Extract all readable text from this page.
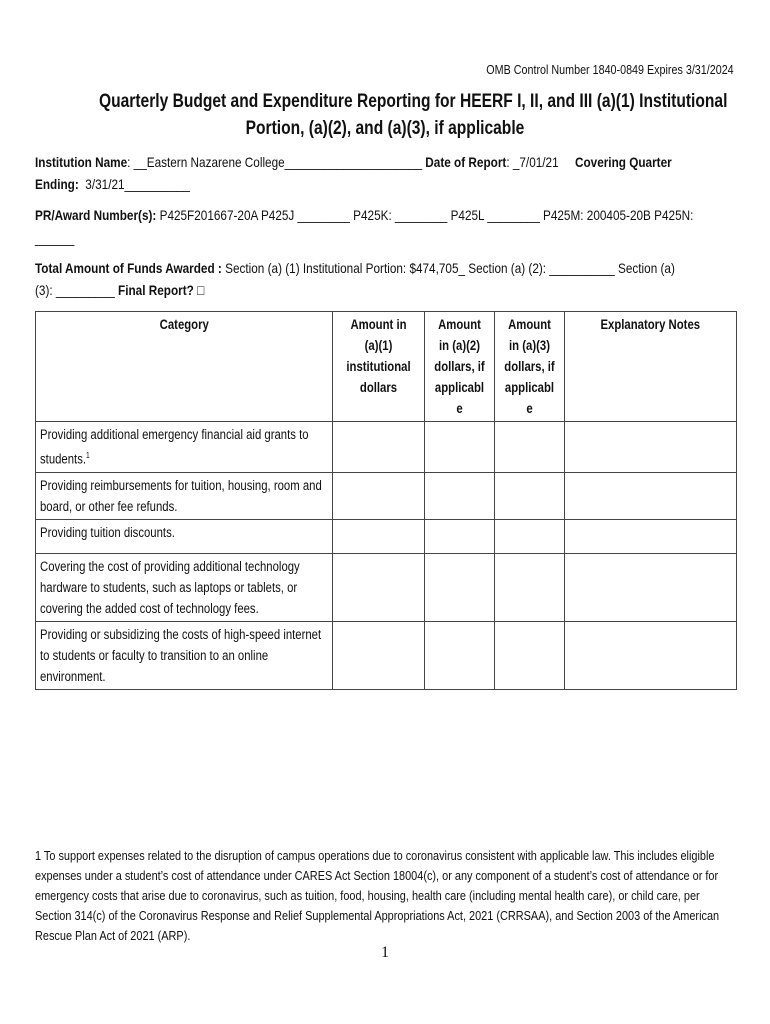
OMB Control Number 1840-0849 Expires 3/31/2024
Quarterly Budget and Expenditure Reporting for HEERF I, II, and III (a)(1) Institutional
Portion, (a)(2), and (a)(3), if applicable
Institution Name: __Eastern Nazarene College_____________________ Date of Report: _7/01/21 Covering Quarter
Ending: 3/31/21__________
PR/Award Number(s): P425F201667-20A P425J ________ P425K: ________ P425L ________ P425M: 200405-20B P425N:
______
Total Amount of Funds Awarded : Section (a) (1) Institutional Portion: $474,705_ Section (a) (2): __________ Section (a)
(3): _________ Final Report? □
Category	Amount in (a)(1) institutional dollars	Amount in (a)(2) dollars, if applicabl e	Amount in (a)(3) dollars, if applicabl e	Explanatory Notes
Providing additional emergency financial aid grants to students.$^1$				
Providing reimbursements for tuition, housing, room and board, or other fee refunds.				
Providing tuition discounts.				
Covering the cost of providing additional technology hardware to students, such as laptops or tablets, or covering the added cost of technology fees.				
Providing or subsidizing the costs of high-speed internet to students or faculty to transition to an online environment.				
1 To support expenses related to the disruption of campus operations due to coronavirus consistent with applicable law. This includes eligible expenses under a student’s cost of attendance under CARES Act Section 18004(c), or any component of a student’s cost of attendance or for emergency costs that arise due to coronavirus, such as tuition, food, housing, health care (including mental health care), or child care, per Section 314(c) of the Coronavirus Response and Relief Supplemental Appropriations Act, 2021 (CRRSAA), and Section 2003 of the American Rescue Plan Act of 2021 (ARP).
1
